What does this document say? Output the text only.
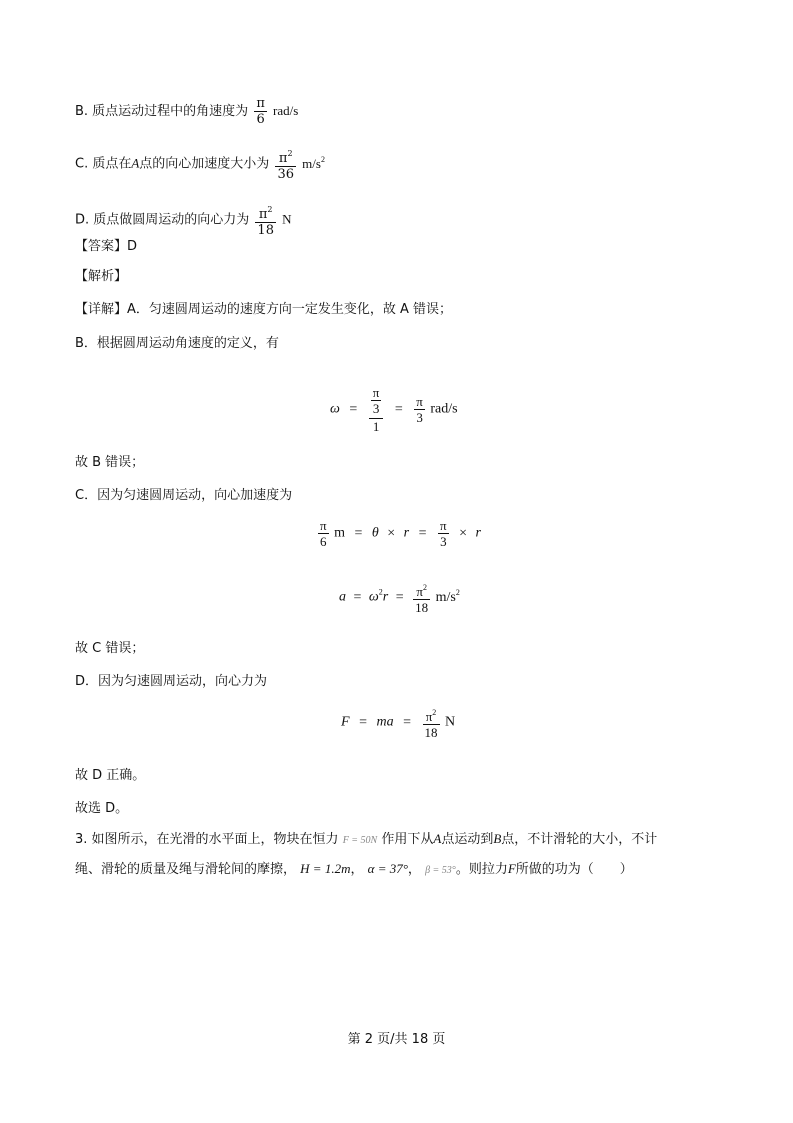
B. 质点运动过程中的角速度为 $\frac{\pi}{6} rad/s$
C. 质点在A点的向心加速度大小为 $\frac{\pi^2}{36} m/s^2$
D. 质点做圆周运动的向心力为 $\frac{\pi^2}{18}$ N
【答案】D
【解析】
【详解】A．匀速圆周运动的速度方向一定发生变化，故 A 错误；
B．根据圆周运动角速度的定义，有
$\omega = \frac{\frac{\pi}{3}}{1} = \frac{\pi}{3} rad/s$
故 B 错误；
C．因为匀速圆周运动，向心加速度为
$\frac{\pi}{6}$ $m = \theta \times r = \frac{\pi}{3} \times r$
$a = \omega^2r = \frac{\pi^2}{18} m/s^2$
故 C 错误；
D．因为匀速圆周运动，向心力为
F = ma = $\frac{\pi^2}{18}$ N
故 D 正确。
故选 D。
3. 如图所示，在光滑的水平面上，物块在恒力 F = 50N 作用下从A点运动到B点，不计滑轮的大小，不计
绳、滑轮的质量及绳与滑轮间的摩擦， H = 1.2m， α = 37°， β = 53°。则拉力F所做的功为（　　）
第 2 页/共 18 页
